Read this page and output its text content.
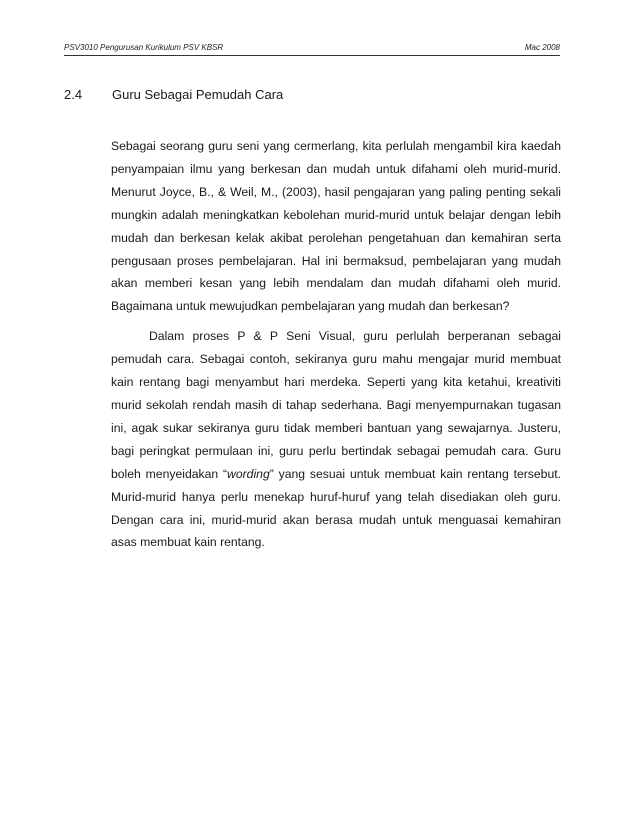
PSV3010 Pengurusan Kurikulum PSV KBSR	Mac 2008
2.4	Guru Sebagai Pemudah Cara

Sebagai seorang guru seni yang cermerlang, kita perlulah mengambil kira kaedah penyampaian ilmu yang berkesan dan mudah untuk difahami oleh murid-murid. Menurut Joyce, B., & Weil, M., (2003), hasil pengajaran yang paling penting sekali mungkin adalah meningkatkan kebolehan murid-murid untuk belajar dengan lebih mudah dan berkesan kelak akibat perolehan pengetahuan dan kemahiran serta pengusaan proses pembelajaran. Hal ini bermaksud, pembelajaran yang mudah akan memberi kesan yang lebih mendalam dan mudah difahami oleh murid. Bagaimana untuk mewujudkan pembelajaran yang mudah dan berkesan?

Dalam proses P & P Seni Visual, guru perlulah berperanan sebagai pemudah cara. Sebagai contoh, sekiranya guru mahu mengajar murid membuat kain rentang bagi menyambut hari merdeka. Seperti yang kita ketahui, kreativiti murid sekolah rendah masih di tahap sederhana. Bagi menyempurnakan tugasan ini, agak sukar sekiranya guru tidak memberi bantuan yang sewajarnya. Justeru, bagi peringkat permulaan ini, guru perlu bertindak sebagai pemudah cara. Guru boleh menyeidakan “wording” yang sesuai untuk membuat kain rentang tersebut. Murid-murid hanya perlu menekap huruf-huruf yang telah disediakan oleh guru. Dengan cara ini, murid-murid akan berasa mudah untuk menguasai kemahiran asas membuat kain rentang.
